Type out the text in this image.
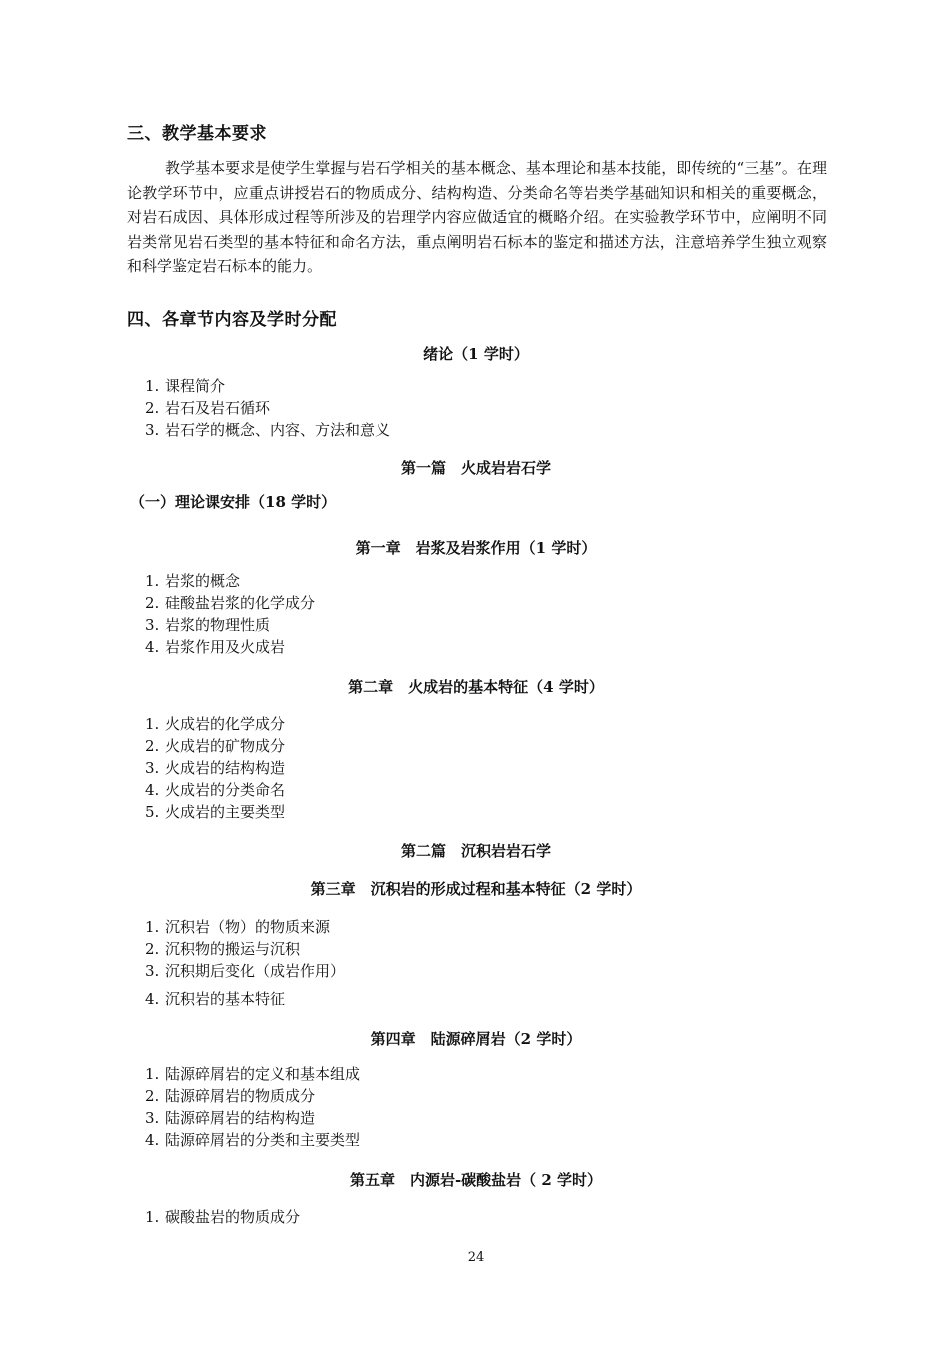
三、教学基本要求
教学基本要求是使学生掌握与岩石学相关的基本概念、基本理论和基本技能，即传统的“三基”。在理论教学环节中，应重点讲授岩石的物质成分、结构构造、分类命名等岩类学基础知识和相关的重要概念，对岩石成因、具体形成过程等所涉及的岩理学内容应做适宜的概略介绍。在实验教学环节中，应阐明不同岩类常见岩石类型的基本特征和命名方法，重点阐明岩石标本的鉴定和描述方法，注意培养学生独立观察和科学鉴定岩石标本的能力。
四、各章节内容及学时分配
绪论（1 学时）
1. 课程简介
2. 岩石及岩石循环
3. 岩石学的概念、内容、方法和意义
第一篇　火成岩岩石学
（一）理论课安排（18 学时）
第一章　岩浆及岩浆作用（1 学时）
1. 岩浆的概念
2. 硅酸盐岩浆的化学成分
3. 岩浆的物理性质
4. 岩浆作用及火成岩
第二章　火成岩的基本特征（4 学时）
1. 火成岩的化学成分
2. 火成岩的矿物成分
3. 火成岩的结构构造
4. 火成岩的分类命名
5. 火成岩的主要类型
第二篇　沉积岩岩石学
第三章　沉积岩的形成过程和基本特征（2 学时）
1. 沉积岩（物）的物质来源
2. 沉积物的搬运与沉积
3. 沉积期后变化（成岩作用）
4. 沉积岩的基本特征
第四章　陆源碎屑岩（2 学时）
1. 陆源碎屑岩的定义和基本组成
2. 陆源碎屑岩的物质成分
3. 陆源碎屑岩的结构构造
4. 陆源碎屑岩的分类和主要类型
第五章　内源岩-碳酸盐岩（ 2 学时）
1. 碳酸盐岩的物质成分
24
